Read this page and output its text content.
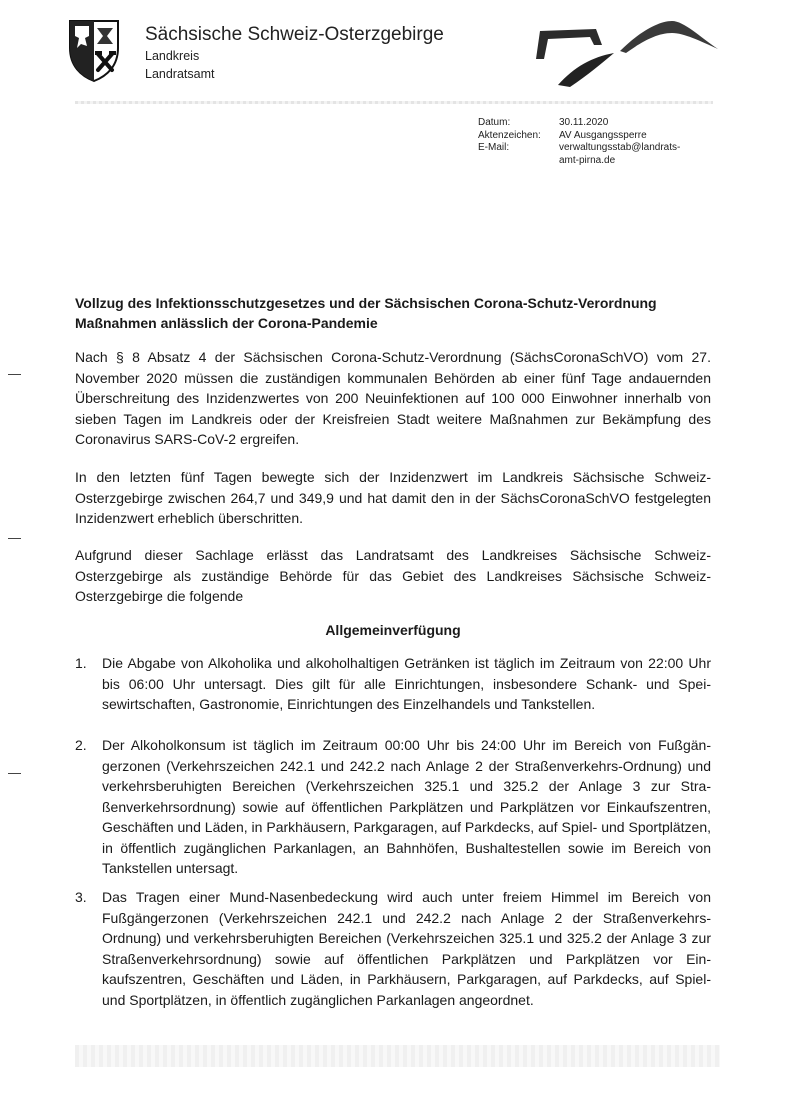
Sächsische Schweiz-Osterzgebirge
Landkreis
Landratsamt
Datum:	30.11.2020
Aktenzeichen:	AV Ausgangssperre
E-Mail:	verwaltungsstab@landrats-
amt-pirna.de
Vollzug des Infektionsschutzgesetzes und der Sächsischen Corona-Schutz-Verordnung
Maßnahmen anlässlich der Corona-Pandemie
Nach § 8 Absatz 4 der Sächsischen Corona-Schutz-Verordnung (SächsCoronaSchVO) vom 27. November 2020 müssen die zuständigen kommunalen Behörden ab einer fünf Tage andauernden Überschreitung des Inzidenzwertes von 200 Neuinfektionen auf 100 000 Einwohner innerhalb von sieben Tagen im Landkreis oder der Kreisfreien Stadt weitere Maßnahmen zur Bekämpfung des Coronavirus SARS-CoV-2 ergreifen.
In den letzten fünf Tagen bewegte sich der Inzidenzwert im Landkreis Sächsische Schweiz-Osterzgebirge zwischen 264,7 und 349,9 und hat damit den in der SächsCoronaSchVO festgelegten Inzidenzwert erheblich überschritten.
Aufgrund dieser Sachlage erlässt das Landratsamt des Landkreises Sächsische Schweiz-Osterzgebirge als zuständige Behörde für das Gebiet des Landkreises Sächsische Schweiz-Osterzgebirge die folgende
Allgemeinverfügung
1. Die Abgabe von Alkoholika und alkoholhaltigen Getränken ist täglich im Zeitraum von 22:00 Uhr bis 06:00 Uhr untersagt. Dies gilt für alle Einrichtungen, insbesondere Schank- und Speisewirtschaften, Gastronomie, Einrichtungen des Einzelhandels und Tankstellen.
2. Der Alkoholkonsum ist täglich im Zeitraum 00:00 Uhr bis 24:00 Uhr im Bereich von Fußgängerzonen (Verkehrszeichen 242.1 und 242.2 nach Anlage 2 der Straßenverkehrs-Ordnung) und verkehrsberuhigten Bereichen (Verkehrszeichen 325.1 und 325.2 der Anlage 3 zur Straßenverkehrsordnung) sowie auf öffentlichen Parkplätzen und Parkplätzen vor Einkaufszentren, Geschäften und Läden, in Parkhäusern, Parkgaragen, auf Parkdecks, auf Spiel- und Sportplätzen, in öffentlich zugänglichen Parkanlagen, an Bahnhöfen, Bushaltestellen sowie im Bereich von Tankstellen untersagt.
3. Das Tragen einer Mund-Nasenbedeckung wird auch unter freiem Himmel im Bereich von Fußgängerzonen (Verkehrszeichen 242.1 und 242.2 nach Anlage 2 der Straßenverkehrs-Ordnung) und verkehrsberuhigten Bereichen (Verkehrszeichen 325.1 und 325.2 der Anlage 3 zur Straßenverkehrsordnung) sowie auf öffentlichen Parkplätzen und Parkplätzen vor Einkaufszentren, Geschäften und Läden, in Parkhäusern, Parkgaragen, auf Parkdecks, auf Spiel- und Sportplätzen, in öffentlich zugänglichen Parkanlagen angeordnet.
